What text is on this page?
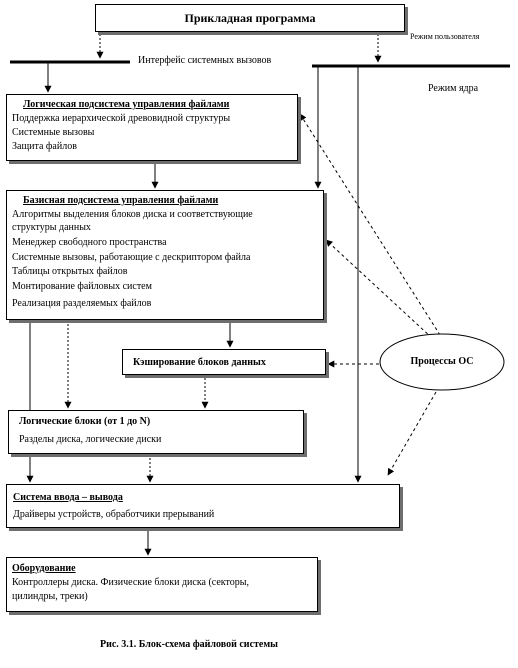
Прикладная программа
Режим пользователя
Интерфейс системных вызовов
Режим ядра
Логическая подсистема управления файлами
Поддержка иерархической древовидной структуры
Системные вызовы
Защита файлов
Базисная подсистема управления файлами
Алгоритмы выделения блоков диска и соответствующие
структуры данных
Менеджер свободного пространства
Системные вызовы, работающие с дескриптором файла
Таблицы открытых файлов
Монтирование файловых систем
Реализация разделяемых файлов
Кэширование блоков данных	Процессы ОС
Логические блоки (от 1 до N)
Разделы диска, логические диски
Система ввода – вывода
Драйверы устройств, обработчики прерываний
Оборудование
Контроллеры диска. Физические блоки диска (секторы,
цилиндры, треки)
Рис. 3.1. Блок-схема файловой системы
